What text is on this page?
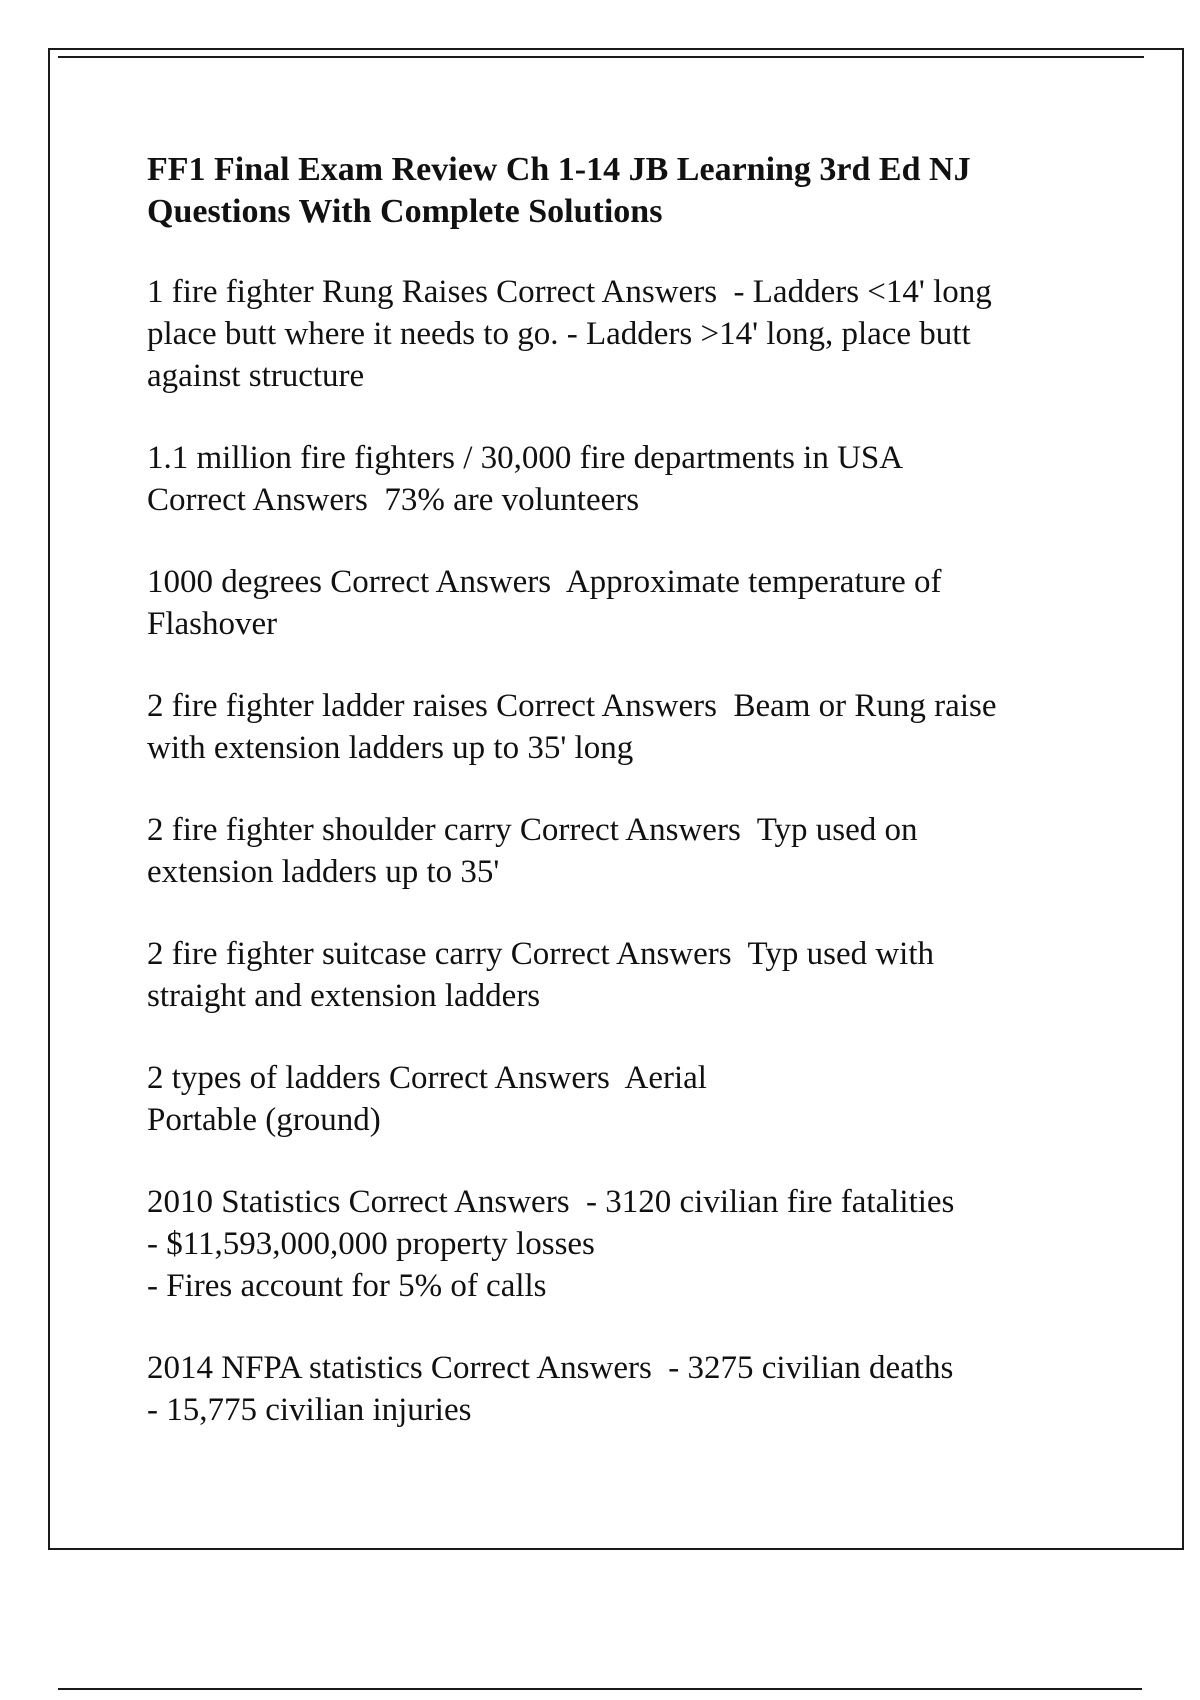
FF1 Final Exam Review Ch 1-14 JB Learning 3rd Ed NJ
Questions With Complete Solutions

1 fire fighter Rung Raises Correct Answers  - Ladders <14' long
place butt where it needs to go. - Ladders >14' long, place butt
against structure

1.1 million fire fighters / 30,000 fire departments in USA
Correct Answers  73% are volunteers

1000 degrees Correct Answers  Approximate temperature of
Flashover

2 fire fighter ladder raises Correct Answers  Beam or Rung raise
with extension ladders up to 35' long

2 fire fighter shoulder carry Correct Answers  Typ used on
extension ladders up to 35'

2 fire fighter suitcase carry Correct Answers  Typ used with
straight and extension ladders

2 types of ladders Correct Answers  Aerial
Portable (ground)

2010 Statistics Correct Answers  - 3120 civilian fire fatalities
- $11,593,000,000 property losses
- Fires account for 5% of calls

2014 NFPA statistics Correct Answers  - 3275 civilian deaths
- 15,775 civilian injuries
